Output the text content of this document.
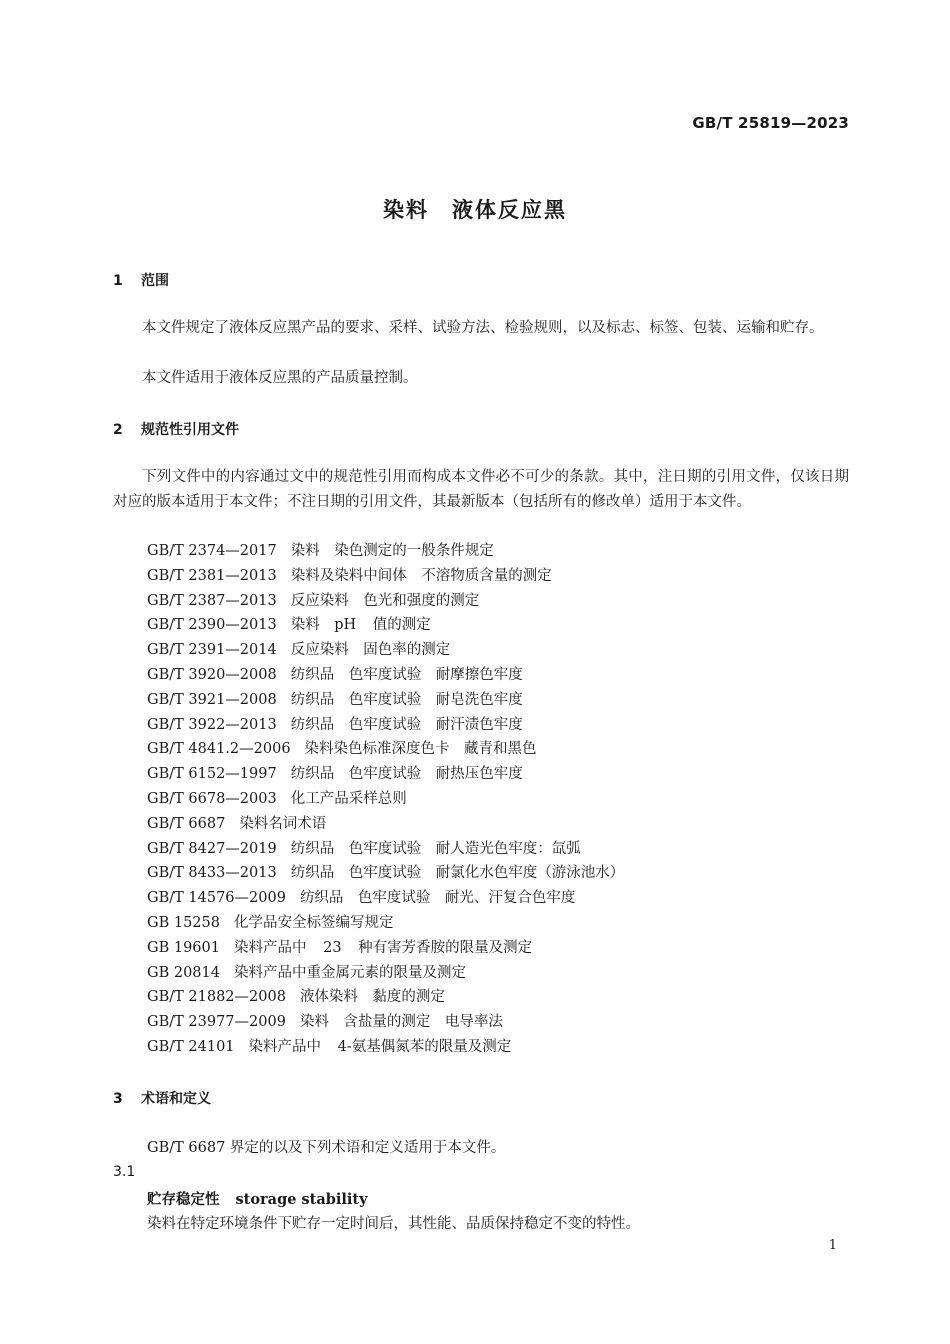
GB/T 25819—2023
染料　液体反应黑
1 范围

本文件规定了液体反应黑产品的要求、采样、试验方法、检验规则，以及标志、标签、包装、运输和贮存。

本文件适用于液体反应黑的产品质量控制。

2 规范性引用文件

下列文件中的内容通过文中的规范性引用而构成本文件必不可少的条款。其中，注日期的引用文件，仅该日期对应的版本适用于本文件；不注日期的引用文件，其最新版本（包括所有的修改单）适用于本文件。

GB/T 2374—2017 染料　染色测定的一般条件规定
GB/T 2381—2013 染料及染料中间体　不溶物质含量的测定
GB/T 2387—2013 反应染料　色光和强度的测定
GB/T 2390—2013 染料　pH 值的测定
GB/T 2391—2014 反应染料　固色率的测定
GB/T 3920—2008 纺织品　色牢度试验　耐摩擦色牢度
GB/T 3921—2008 纺织品　色牢度试验　耐皂洗色牢度
GB/T 3922—2013 纺织品　色牢度试验　耐汗渍色牢度
GB/T 4841.2—2006 染料染色标准深度色卡　藏青和黑色
GB/T 6152—1997 纺织品　色牢度试验　耐热压色牢度
GB/T 6678—2003 化工产品采样总则
GB/T 6687 染料名词术语
GB/T 8427—2019 纺织品　色牢度试验　耐人造光色牢度：氙弧
GB/T 8433—2013 纺织品　色牢度试验　耐氯化水色牢度（游泳池水）
GB/T 14576—2009 纺织品　色牢度试验　耐光、汗复合色牢度
GB 15258 化学品安全标签编写规定
GB 19601 染料产品中 23 种有害芳香胺的限量及测定
GB 20814 染料产品中重金属元素的限量及测定
GB/T 21882—2008 液体染料　黏度的测定
GB/T 23977—2009 染料　含盐量的测定　电导率法
GB/T 24101 染料产品中 4-氨基偶氮苯的限量及测定
3 术语和定义
GB/T 6687 界定的以及下列术语和定义适用于本文件。
3.1
贮存稳定性 storage stability
染料在特定环境条件下贮存一定时间后，其性能、品质保持稳定不变的特性。
1
